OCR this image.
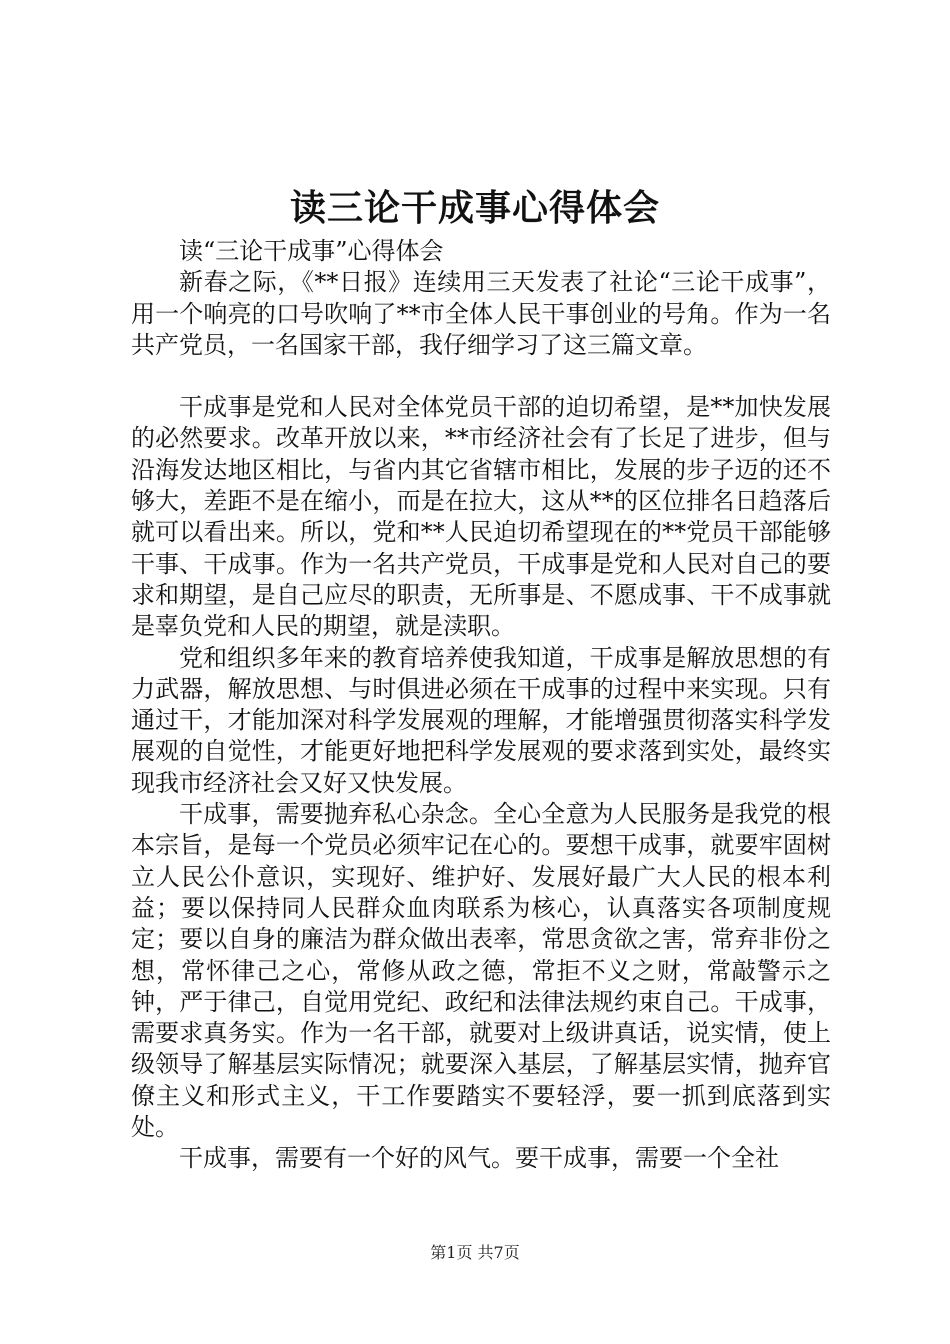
读三论干成事心得体会

读“三论干成事”心得体会

新春之际，《**日报》连续用三天发表了社论“三论干成事”，用一个响亮的口号吹响了**市全体人民干事创业的号角。作为一名共产党员，一名国家干部，我仔细学习了这三篇文章。

干成事是党和人民对全体党员干部的迫切希望，是**加快发展的必然要求。改革开放以来，**市经济社会有了长足了进步，但与沿海发达地区相比，与省内其它省辖市相比，发展的步子迈的还不够大，差距不是在缩小，而是在拉大，这从**的区位排名日趋落后就可以看出来。所以，党和**人民迫切希望现在的**党员干部能够干事、干成事。作为一名共产党员，干成事是党和人民对自己的要求和期望，是自己应尽的职责，无所事是、不愿成事、干不成事就是辜负党和人民的期望，就是渎职。

党和组织多年来的教育培养使我知道，干成事是解放思想的有力武器，解放思想、与时俱进必须在干成事的过程中来实现。只有通过干，才能加深对科学发展观的理解，才能增强贯彻落实科学发展观的自觉性，才能更好地把科学发展观的要求落到实处，最终实现我市经济社会又好又快发展。

干成事，需要抛弃私心杂念。全心全意为人民服务是我党的根本宗旨，是每一个党员必须牢记在心的。要想干成事，就要牢固树立人民公仆意识，实现好、维护好、发展好最广大人民的根本利益；要以保持同人民群众血肉联系为核心，认真落实各项制度规定；要以自身的廉洁为群众做出表率，常思贪欲之害，常弃非份之想，常怀律己之心，常修从政之德，常拒不义之财，常敲警示之钟，严于律己，自觉用党纪、政纪和法律法规约束自己。干成事，需要求真务实。作为一名干部，就要对上级讲真话，说实情，使上级领导了解基层实际情况；就要深入基层，了解基层实情，抛弃官僚主义和形式主义，干工作要踏实不要轻浮，要一抓到底落到实处。

干成事，需要有一个好的风气。要干成事，需要一个全社

第1页 共7页
